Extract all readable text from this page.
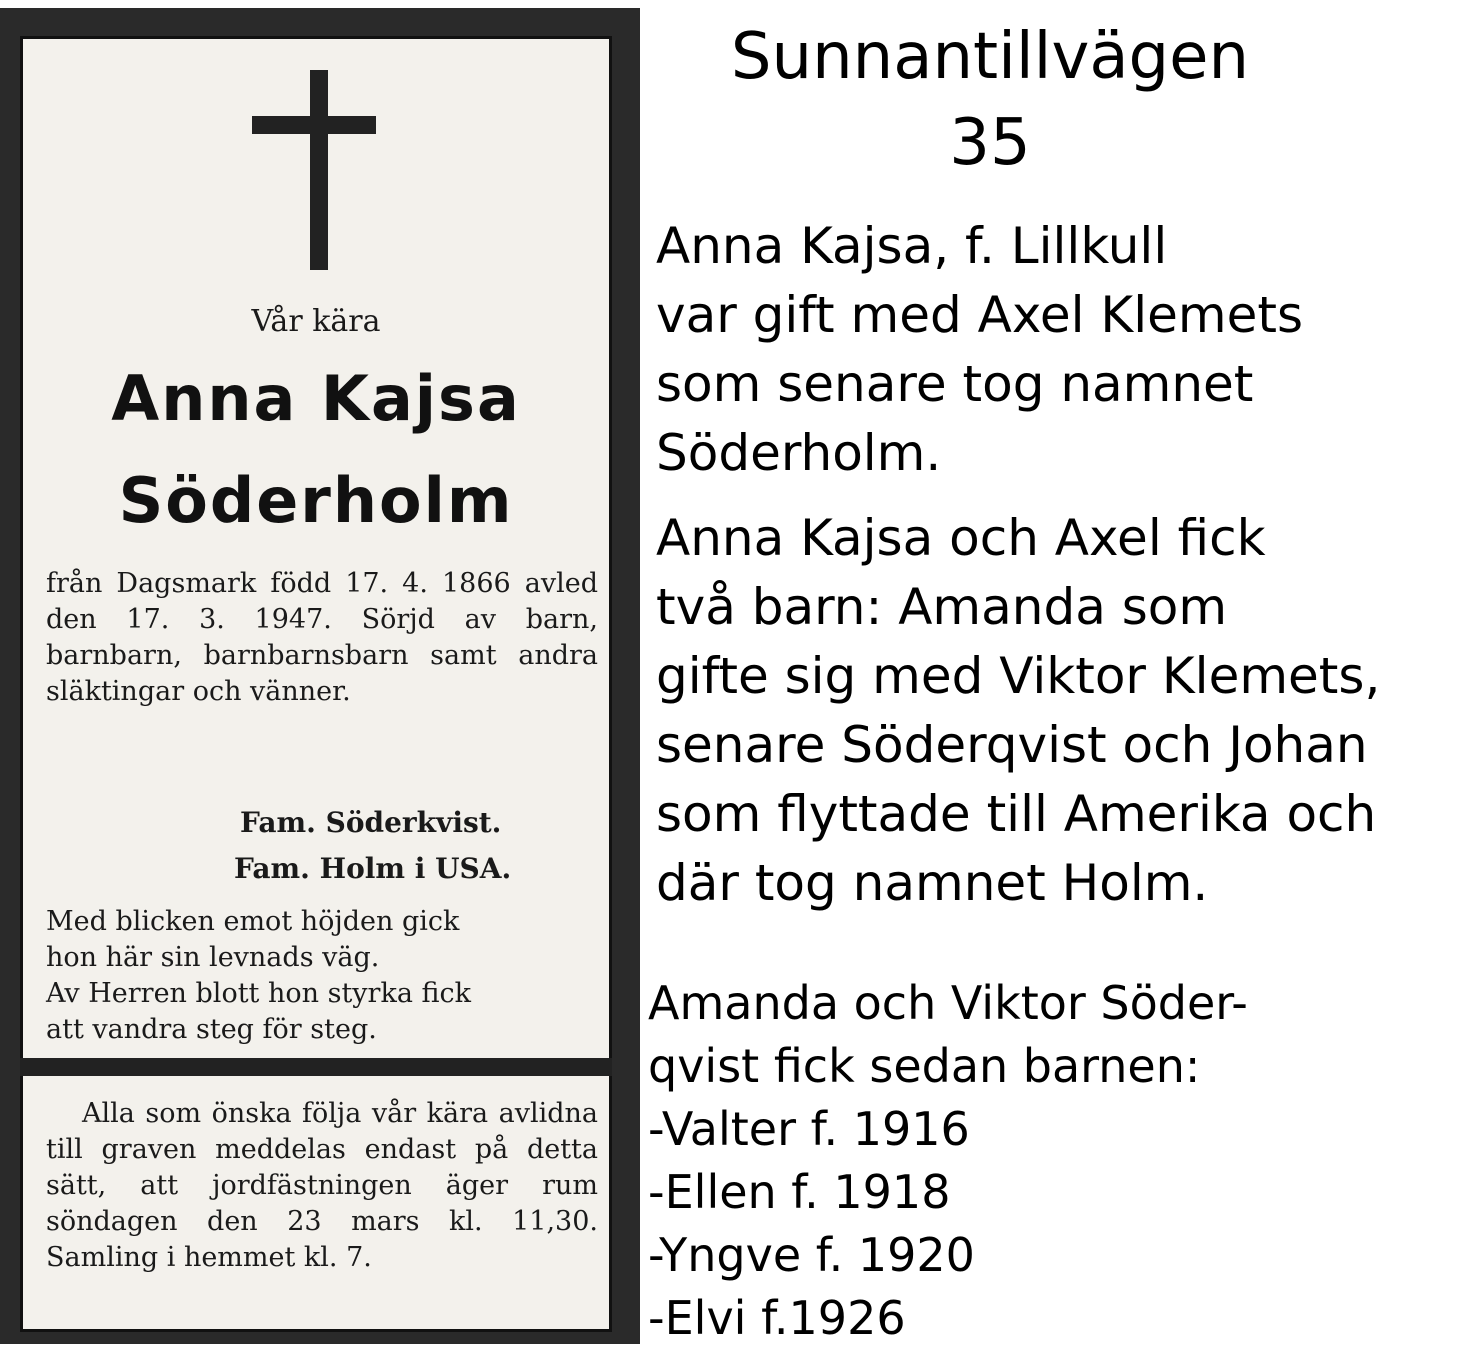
Vår kära
Anna Kajsa
Söderholm
från Dagsmark född 17. 4. 1866 avled den 17. 3. 1947. Sörjd av barn, barnbarn, barnbarnsbarn samt andra släktingar och vänner.
Fam. Söderkvist.
Fam. Holm i USA.
Med blicken emot höjden gick
hon här sin levnads väg.
Av Herren blott hon styrka fick
att vandra steg för steg.

Alla som önska följa vår kära avlidna till graven meddelas endast på detta sätt, att jordfästningen äger rum söndagen den 23 mars kl. 11,30. Samling i hemmet kl. 7.

Sunnantillvägen
35
Anna Kajsa, f. Lillkull
var gift med Axel Klemets
som senare tog namnet
Söderholm.
Anna Kajsa och Axel fick
två barn: Amanda som
gifte sig med Viktor Klemets,
senare Söderqvist och Johan
som flyttade till Amerika och
där tog namnet Holm.
Amanda och Viktor Söder-
qvist fick sedan barnen:
-Valter f. 1916
-Ellen f. 1918
-Yngve f. 1920
-Elvi f.1926
